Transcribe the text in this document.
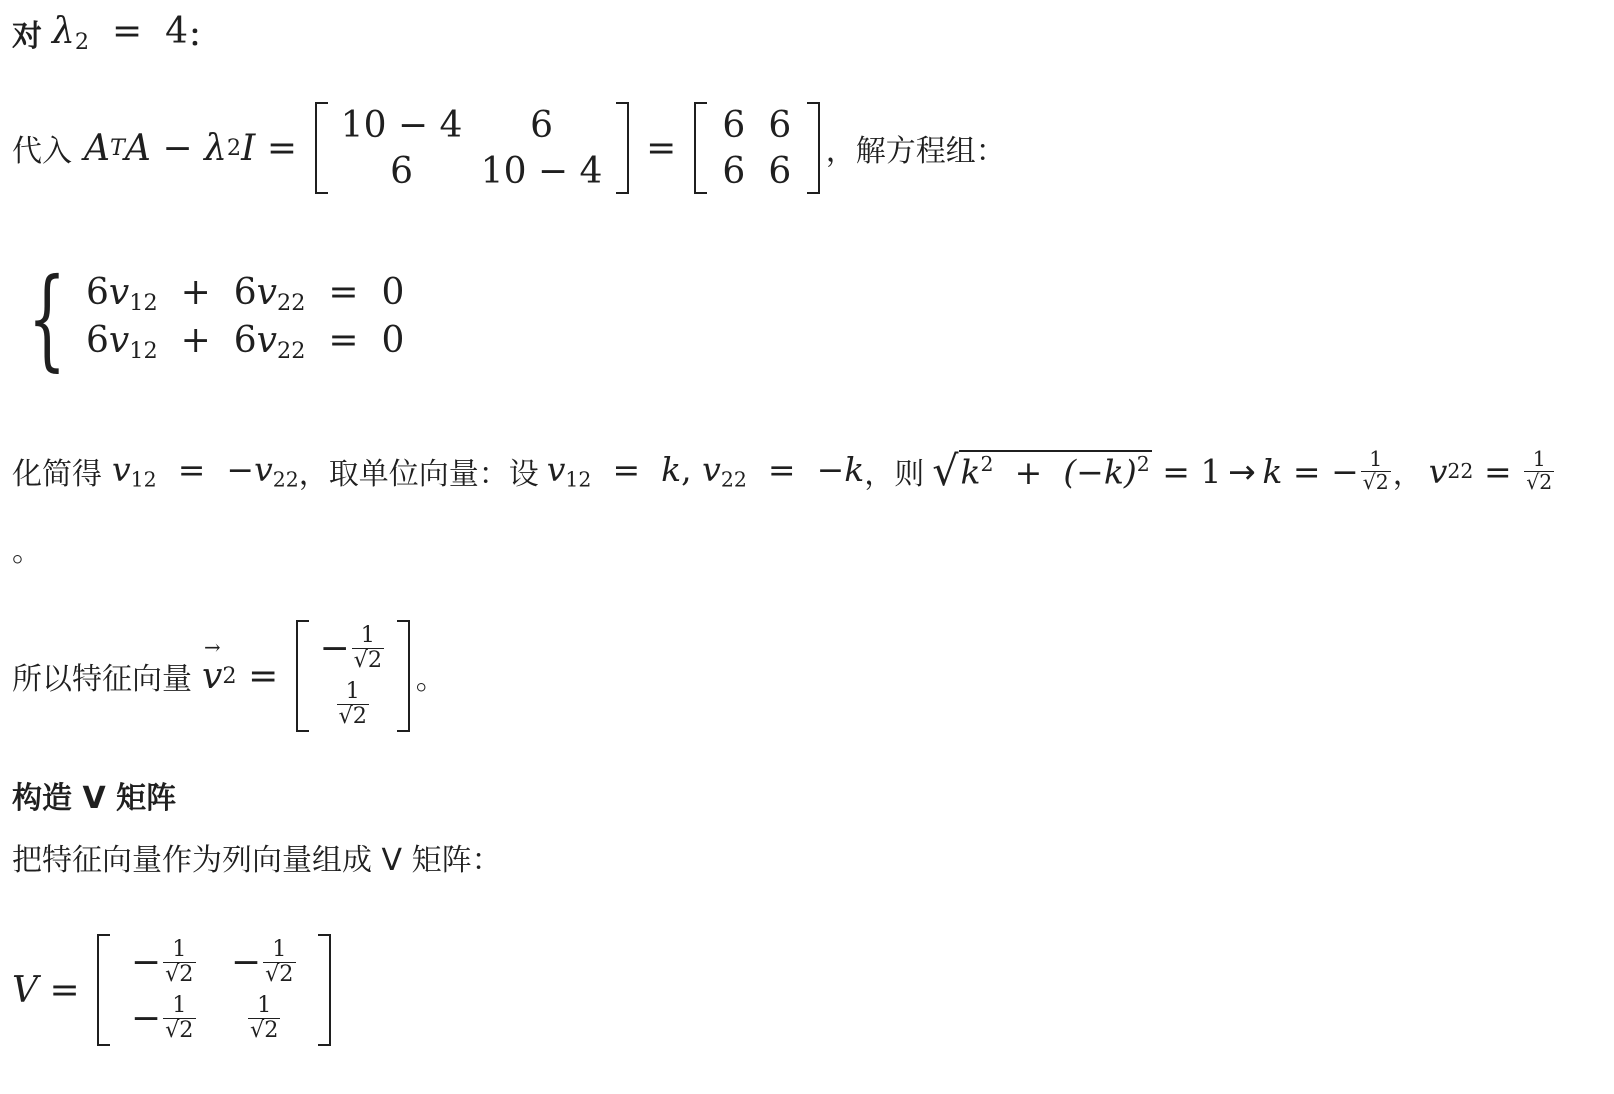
对 $\lambda_2 = 4$ ：
代入 A T A − λ 2 I =
10 − 4 6
6 10 − 4
=
6 6
6 6 ，解方程组：
{ $6v_{12} + 6v_{22} = 0$
$6v_{12} + 6v_{22} = 0$
化简得 $v_{12} = -v_{22}$ ，取单位向量：设 $v_{12} = k$, $v_{22} = -k$ ，则 √ $k^2 + (-k)^2 = 1 \to k$ = − $\frac{1}{√2}$ ， v $22 = \frac{1}{√2}$
。
所以特征向量
→
v 2 =
− $\frac{1}{√2}$
$\frac{1}{√2}$
。
构造 V 矩阵
把特征向量作为列向量组成 V 矩阵：
V =
− $\frac{1}{√2} - \frac{1}{√2}$
− $\frac{1}{√2} \frac{1}{√2}$
